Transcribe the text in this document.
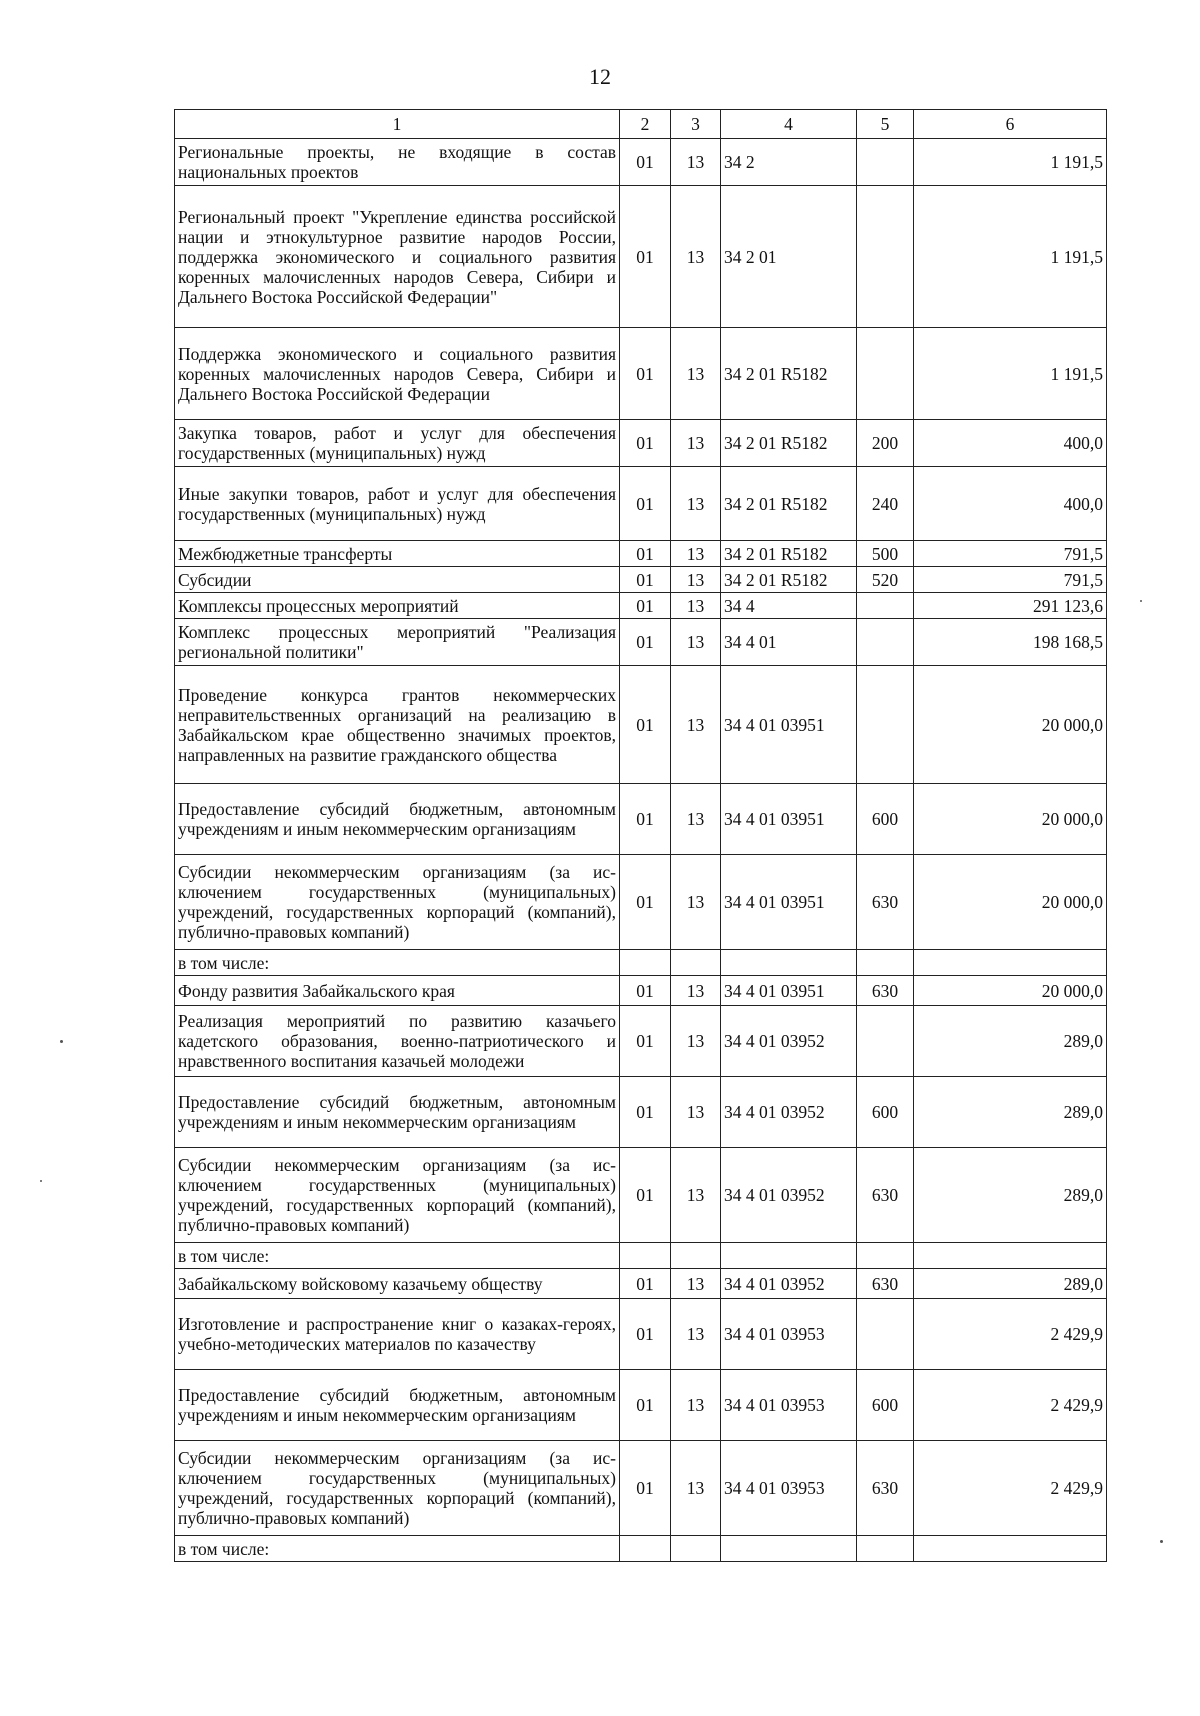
12
1	2	3	4	5	6
Региональные проекты, не входящие в состав национальных проектов	01	13	34 2		1 191,5
Региональный проект "Укрепление единства российской нации и этнокультурное развитие народов России, поддержка экономического и социального развития коренных малочисленных народов Севера, Сибири и Дальнего Востока Российской Федерации"	01	13	34 2 01		1 191,5
Поддержка экономического и социального развития коренных малочисленных народов Севера, Сибири и Дальнего Востока Российской Федерации	01	13	34 2 01 R5182		1 191,5
Закупка товаров, работ и услуг для обеспечения государственных (муниципальных) нужд	01	13	34 2 01 R5182	200	400,0
Иные закупки товаров, работ и услуг для обеспечения государственных (муниципальных) нужд	01	13	34 2 01 R5182	240	400,0
Межбюджетные трансферты	01	13	34 2 01 R5182	500	791,5
Субсидии	01	13	34 2 01 R5182	520	791,5
Комплексы процессных мероприятий	01	13	34 4		291 123,6
Комплекс процессных мероприятий "Реализация региональной политики"	01	13	34 4 01		198 168,5
Проведение конкурса грантов некоммерческих неправительственных организаций на реализацию в Забайкальском крае общественно значимых проектов, направленных на развитие гражданского общества	01	13	34 4 01 03951		20 000,0
Предоставление субсидий бюджетным, автономным учреждениям и иным некоммерческим организациям	01	13	34 4 01 03951	600	20 000,0
Субсидии некоммерческим организациям (за исключением государственных (муниципальных) учреждений, государственных корпораций (компаний), публично-правовых компаний)	01	13	34 4 01 03951	630	20 000,0
в том числе:					
Фонду развития Забайкальского края	01	13	34 4 01 03951	630	20 000,0
Реализация мероприятий по развитию казачьего кадетского образования, военно-патриотического и нравственного воспитания казачьей молодежи	01	13	34 4 01 03952		289,0
Предоставление субсидий бюджетным, автономным учреждениям и иным некоммерческим организациям	01	13	34 4 01 03952	600	289,0
Субсидии некоммерческим организациям (за исключением государственных (муниципальных) учреждений, государственных корпораций (компаний), публично-правовых компаний)	01	13	34 4 01 03952	630	289,0
в том числе:					
Забайкальскому войсковому казачьему обществу	01	13	34 4 01 03952	630	289,0
Изготовление и распространение книг о казаках-героях, учебно-методических материалов по казачеству	01	13	34 4 01 03953		2 429,9
Предоставление субсидий бюджетным, автономным учреждениям и иным некоммерческим организациям	01	13	34 4 01 03953	600	2 429,9
Субсидии некоммерческим организациям (за исключением государственных (муниципальных) учреждений, государственных корпораций (компаний), публично-правовых компаний)	01	13	34 4 01 03953	630	2 429,9
в том числе:					
